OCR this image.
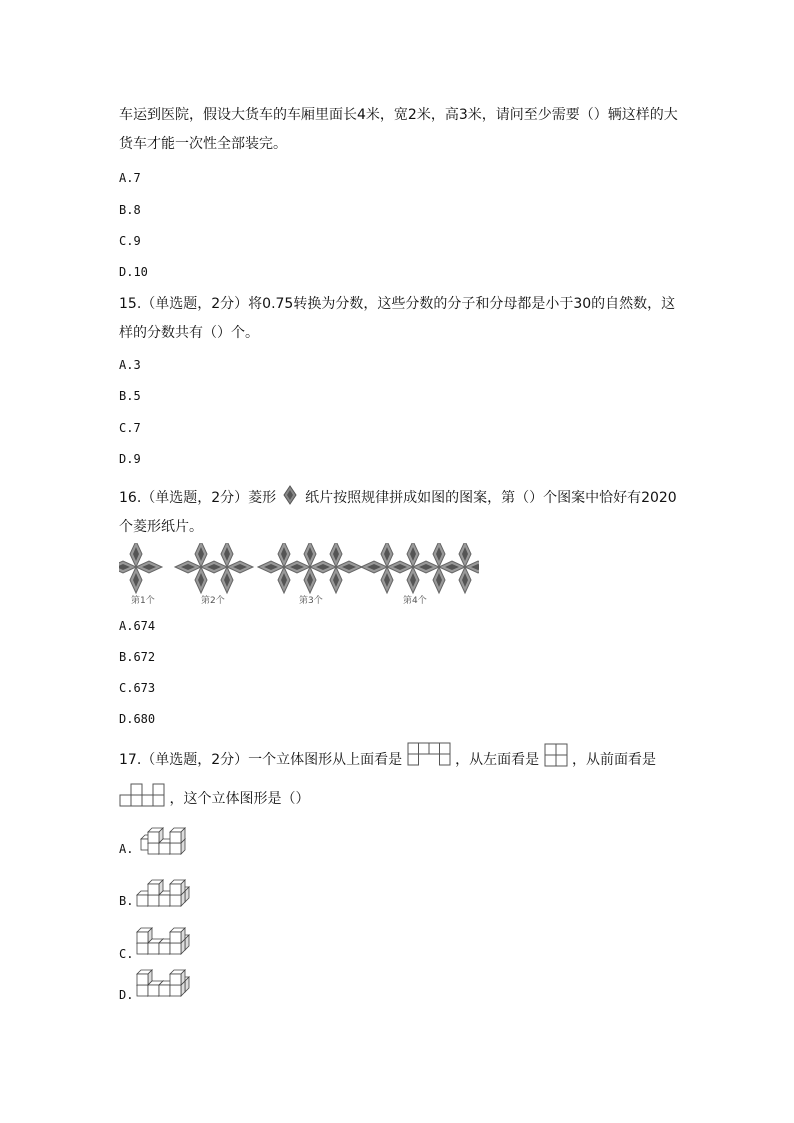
车运到医院，假设大货车的车厢里面长4米，宽2米，高3米，请问至少需要（）辆这样的大
货车才能一次性全部装完。
A.7
B.8
C.9
D.10
15.（单选题，2分）将0.75转换为分数，这些分数的分子和分母都是小于30的自然数，这
样的分数共有（）个。
A.3
B.5
C.7
D.9
16.（单选题，2分）菱形 纸片按照规律拼成如图的图案，第（）个图案中恰好有2020
个菱形纸片。
第1个	第2个	第3个	第4个
A.674
B.672
C.673
D.680
17.（单选题，2分）一个立体图形从上面看是	，从左面看是 ，从前面看是
，这个立体图形是（）
A.
B.
C.
D.
